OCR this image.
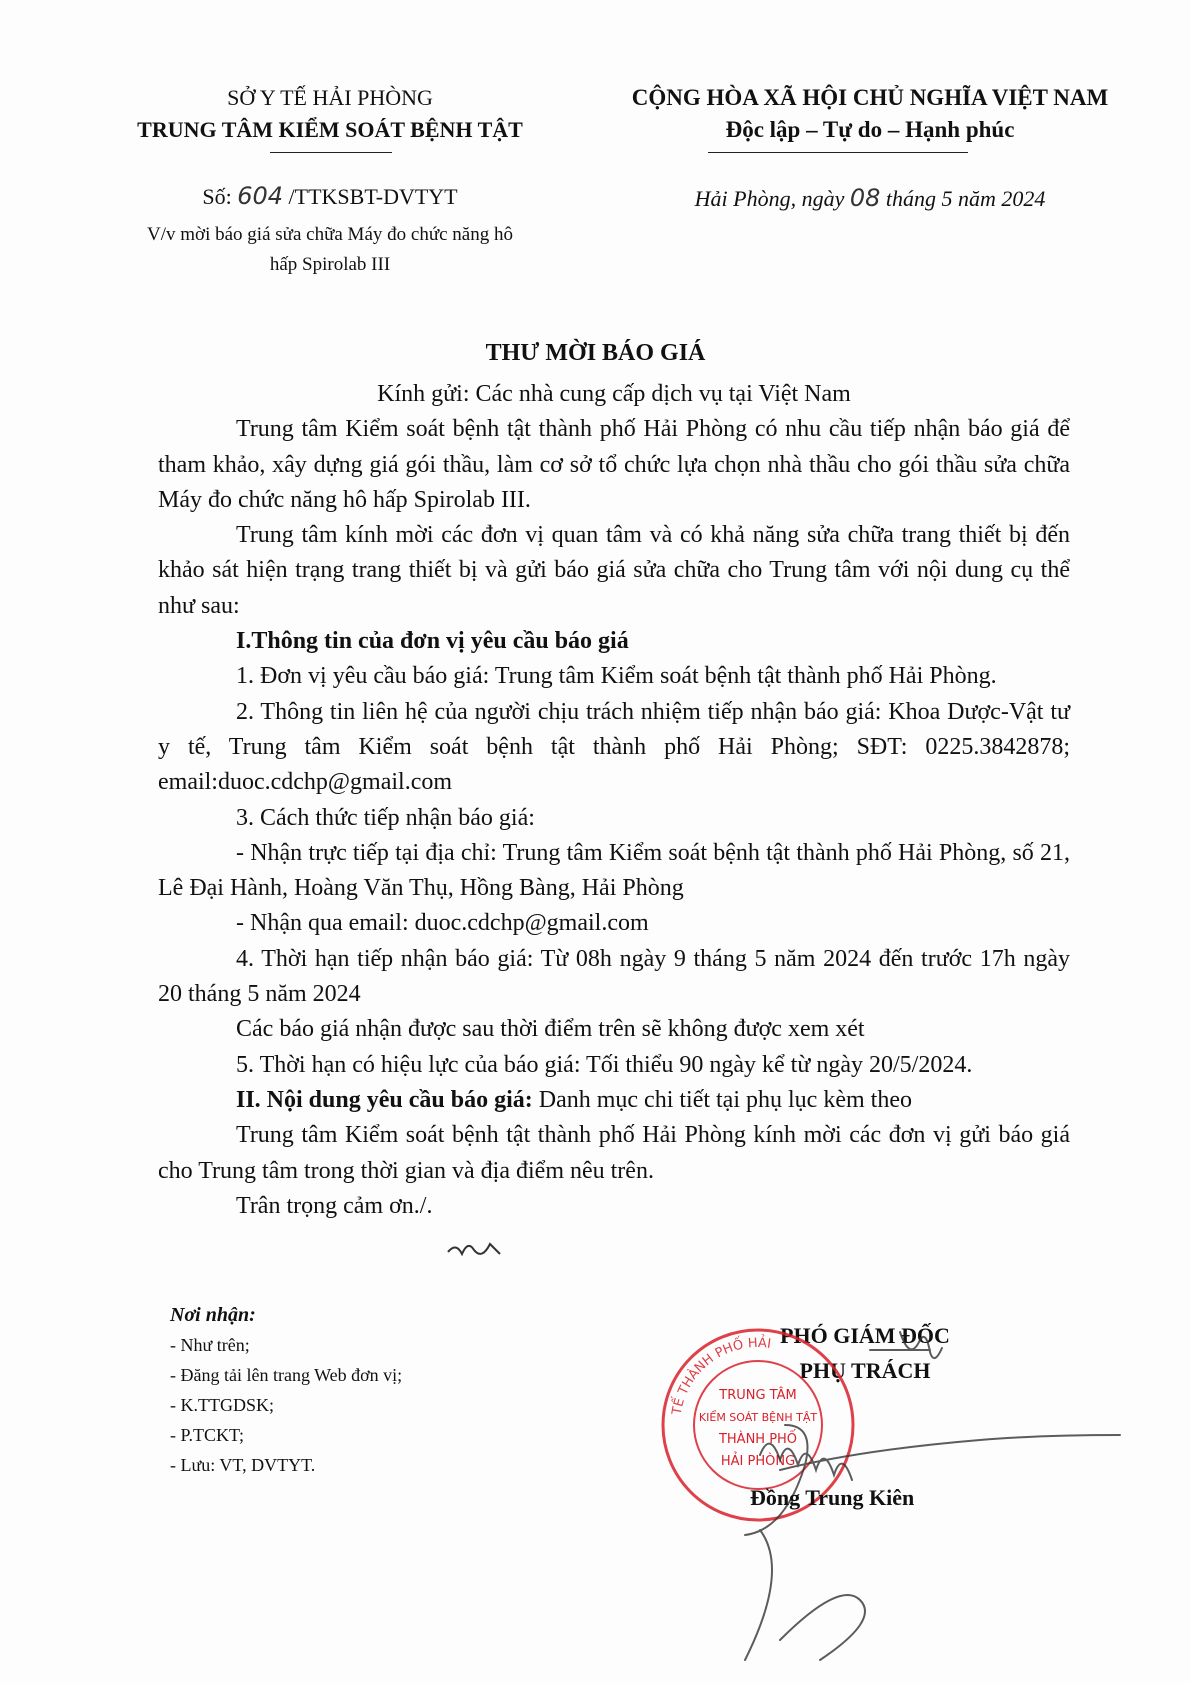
SỞ Y TẾ HẢI PHÒNG
TRUNG TÂM KIỂM SOÁT BỆNH TẬT
CỘNG HÒA XÃ HỘI CHỦ NGHĨA VIỆT NAM
Độc lập – Tự do – Hạnh phúc
Số: 604 /TTKSBT-DVTYT
V/v mời báo giá sửa chữa Máy đo chức năng hô
hấp Spirolab III
Hải Phòng, ngày 08 tháng 5 năm 2024
THƯ MỜI BÁO GIÁ

Kính gửi: Các nhà cung cấp dịch vụ tại Việt Nam

Trung tâm Kiểm soát bệnh tật thành phố Hải Phòng có nhu cầu tiếp nhận báo giá để tham khảo, xây dựng giá gói thầu, làm cơ sở tổ chức lựa chọn nhà thầu cho gói thầu sửa chữa Máy đo chức năng hô hấp Spirolab III.

Trung tâm kính mời các đơn vị quan tâm và có khả năng sửa chữa trang thiết bị đến khảo sát hiện trạng trang thiết bị và gửi báo giá sửa chữa cho Trung tâm với nội dung cụ thể như sau:

I.Thông tin của đơn vị yêu cầu báo giá

1. Đơn vị yêu cầu báo giá: Trung tâm Kiểm soát bệnh tật thành phố Hải Phòng.

2. Thông tin liên hệ của người chịu trách nhiệm tiếp nhận báo giá: Khoa Dược-Vật tư y tế, Trung tâm Kiểm soát bệnh tật thành phố Hải Phòng; SĐT: 0225.3842878; email:duoc.cdchp@gmail.com

3. Cách thức tiếp nhận báo giá:

- Nhận trực tiếp tại địa chỉ: Trung tâm Kiểm soát bệnh tật thành phố Hải Phòng, số 21, Lê Đại Hành, Hoàng Văn Thụ, Hồng Bàng, Hải Phòng

- Nhận qua email: duoc.cdchp@gmail.com

4. Thời hạn tiếp nhận báo giá: Từ 08h ngày 9 tháng 5 năm 2024 đến trước 17h ngày 20 tháng 5 năm 2024

Các báo giá nhận được sau thời điểm trên sẽ không được xem xét

5. Thời hạn có hiệu lực của báo giá: Tối thiểu 90 ngày kể từ ngày 20/5/2024.

II. Nội dung yêu cầu báo giá: Danh mục chi tiết tại phụ lục kèm theo

Trung tâm Kiểm soát bệnh tật thành phố Hải Phòng kính mời các đơn vị gửi báo giá cho Trung tâm trong thời gian và địa điểm nêu trên.

Trân trọng cảm ơn./.

Nơi nhận:
- Như trên;
- Đăng tải lên trang Web đơn vị;
- K.TTGDSK;
- P.TCKT;
- Lưu: VT, DVTYT.
PHÓ GIÁM ĐỐC
PHỤ TRÁCH
TẾ THÀNH PHỐ HẢI
TRUNG TÂM
KIỂM SOÁT BỆNH TẬT
THÀNH PHỐ
HẢI PHÒNG
Đồng Trung Kiên
